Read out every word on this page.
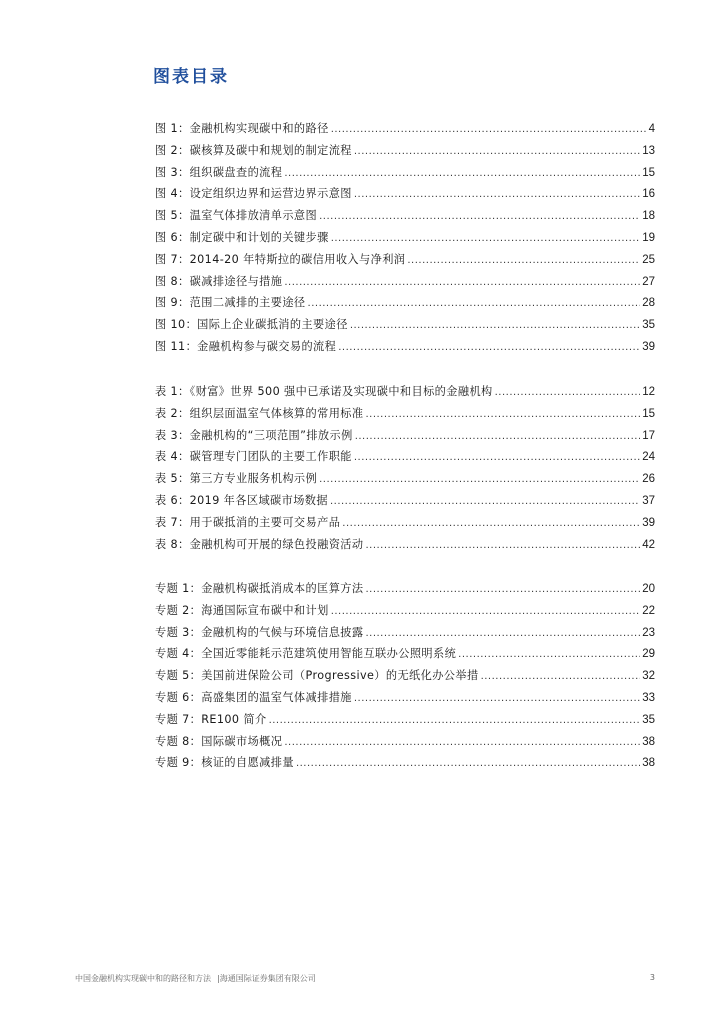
图表目录
图 1：金融机构实现碳中和的路径 .....	4
图 2：碳核算及碳中和规划的制定流程 .....	13
图 3：组织碳盘查的流程 .....	15
图 4：设定组织边界和运营边界示意图 .....	16
图 5：温室气体排放清单示意图 .....	18
图 6：制定碳中和计划的关键步骤 .....	19
图 7：2014-20 年特斯拉的碳信用收入与净利润 .....	25
图 8：碳减排途径与措施 .....	27
图 9：范围二减排的主要途径 .....	28
图 10：国际上企业碳抵消的主要途径 .....	35
图 11：金融机构参与碳交易的流程 .....	39
表 1：《财富》世界 500 强中已承诺及实现碳中和目标的金融机构 .....	12
表 2：组织层面温室气体核算的常用标准 .....	15
表 3：金融机构的“三项范围”排放示例 .....	17
表 4：碳管理专门团队的主要工作职能 .....	24
表 5：第三方专业服务机构示例 .....	26
表 6：2019 年各区域碳市场数据 .....	37
表 7：用于碳抵消的主要可交易产品 .....	39
表 8：金融机构可开展的绿色投融资活动 .....	42
专题 1：金融机构碳抵消成本的匡算方法 .....	20
专题 2：海通国际宣布碳中和计划 .....	22
专题 3：金融机构的气候与环境信息披露 .....	23
专题 4：全国近零能耗示范建筑使用智能互联办公照明系统 .....	29
专题 5：美国前进保险公司（Progressive）的无纸化办公举措 .....	32
专题 6：高盛集团的温室气体减排措施 .....	33
专题 7：RE100 简介 .....	35
专题 8：国际碳市场概况 .....	38
专题 9：核证的自愿减排量 .....	38
中国金融机构实现碳中和的路径和方法 |海通国际证券集团有限公司	3
